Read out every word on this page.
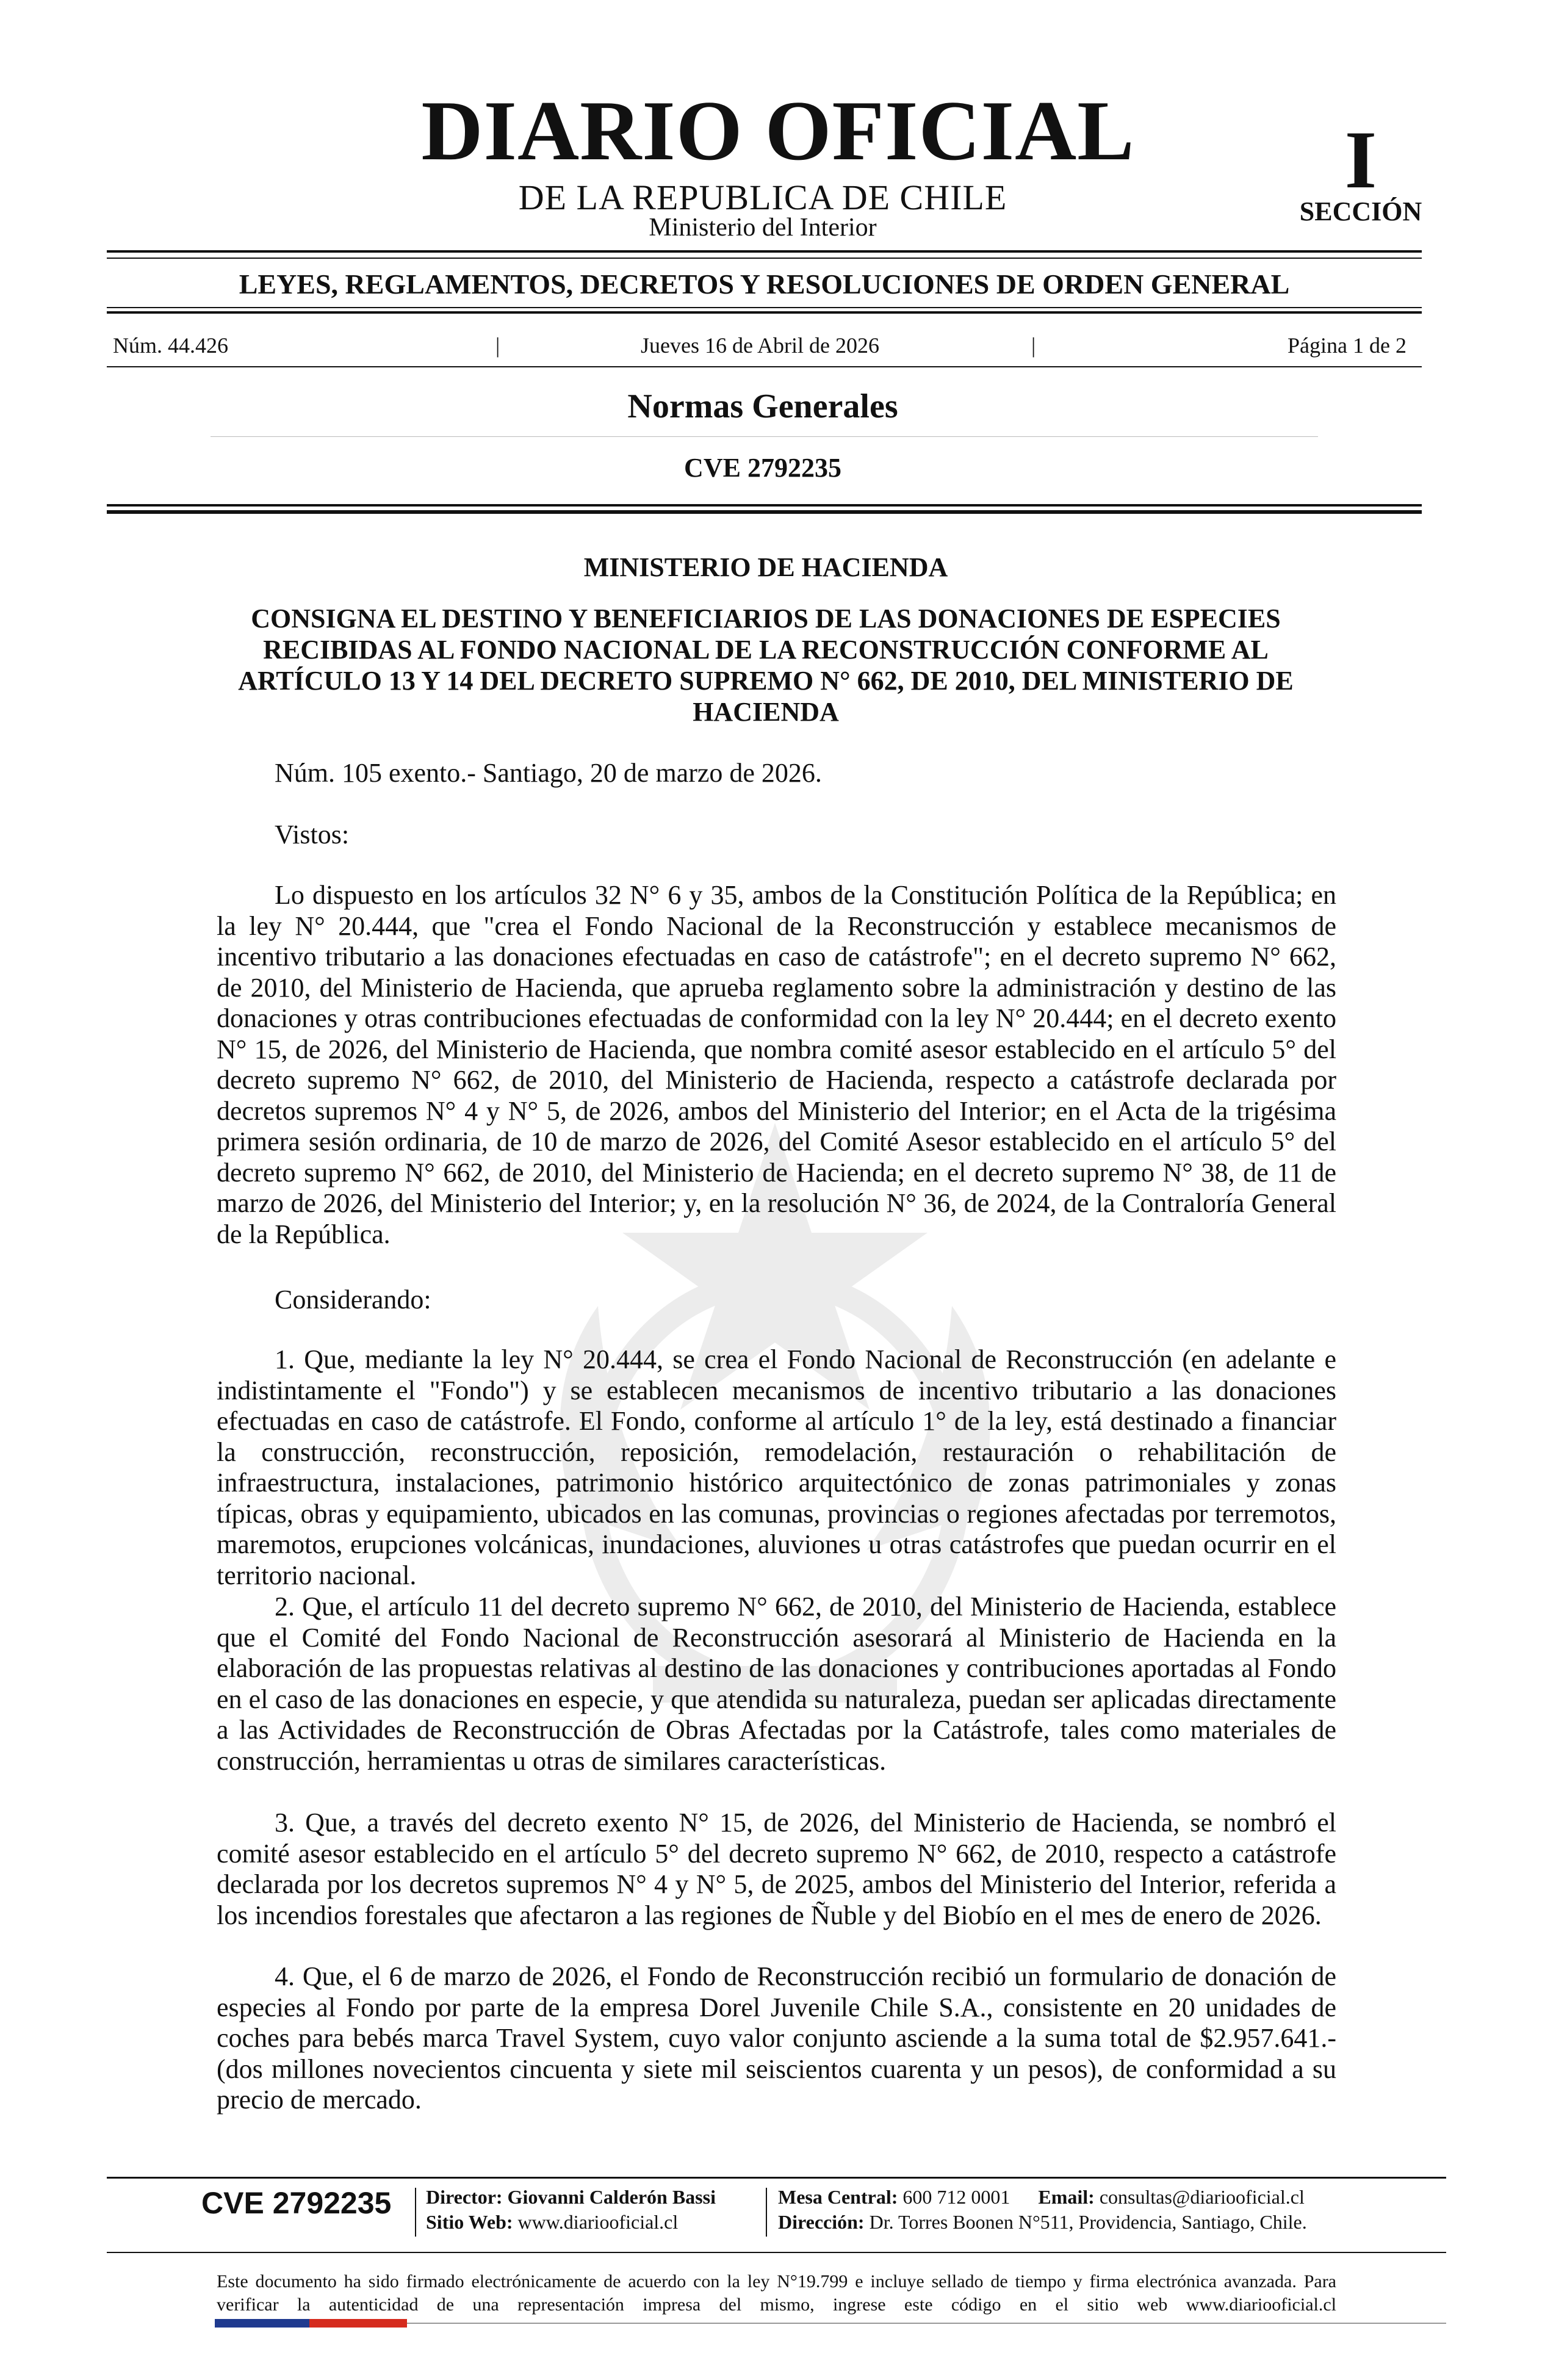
DIARIO OFICIAL
DE LA REPUBLICA DE CHILE
Ministerio del Interior
I
SECCIÓN
LEYES, REGLAMENTOS, DECRETOS Y RESOLUCIONES DE ORDEN GENERAL
Núm. 44.426	|	Jueves 16 de Abril de 2026	|	Página 1 de 2
Normas Generales
CVE 2792235
MINISTERIO DE HACIENDA
CONSIGNA EL DESTINO Y BENEFICIARIOS DE LAS DONACIONES DE ESPECIES RECIBIDAS AL FONDO NACIONAL DE LA RECONSTRUCCIÓN CONFORME AL ARTÍCULO 13 Y 14 DEL DECRETO SUPREMO N° 662, DE 2010, DEL MINISTERIO DE HACIENDA
Núm. 105 exento.- Santiago, 20 de marzo de 2026.
Vistos:
Lo dispuesto en los artículos 32 N° 6 y 35, ambos de la Constitución Política de la República; en la ley N° 20.444, que "crea el Fondo Nacional de la Reconstrucción y establece mecanismos de incentivo tributario a las donaciones efectuadas en caso de catástrofe"; en el decreto supremo N° 662, de 2010, del Ministerio de Hacienda, que aprueba reglamento sobre la administración y destino de las donaciones y otras contribuciones efectuadas de conformidad con la ley N° 20.444; en el decreto exento N° 15, de 2026, del Ministerio de Hacienda, que nombra comité asesor establecido en el artículo 5° del decreto supremo N° 662, de 2010, del Ministerio de Hacienda, respecto a catástrofe declarada por decretos supremos N° 4 y N° 5, de 2026, ambos del Ministerio del Interior; en el Acta de la trigésima primera sesión ordinaria, de 10 de marzo de 2026, del Comité Asesor establecido en el artículo 5° del decreto supremo N° 662, de 2010, del Ministerio de Hacienda; en el decreto supremo N° 38, de 11 de marzo de 2026, del Ministerio del Interior; y, en la resolución N° 36, de 2024, de la Contraloría General de la República.
Considerando:
1. Que, mediante la ley N° 20.444, se crea el Fondo Nacional de Reconstrucción (en adelante e indistintamente el "Fondo") y se establecen mecanismos de incentivo tributario a las donaciones efectuadas en caso de catástrofe. El Fondo, conforme al artículo 1° de la ley, está destinado a financiar la construcción, reconstrucción, reposición, remodelación, restauración o rehabilitación de infraestructura, instalaciones, patrimonio histórico arquitectónico de zonas patrimoniales y zonas típicas, obras y equipamiento, ubicados en las comunas, provincias o regiones afectadas por terremotos, maremotos, erupciones volcánicas, inundaciones, aluviones u otras catástrofes que puedan ocurrir en el territorio nacional.
2. Que, el artículo 11 del decreto supremo N° 662, de 2010, del Ministerio de Hacienda, establece que el Comité del Fondo Nacional de Reconstrucción asesorará al Ministerio de Hacienda en la elaboración de las propuestas relativas al destino de las donaciones y contribuciones aportadas al Fondo en el caso de las donaciones en especie, y que atendida su naturaleza, puedan ser aplicadas directamente a las Actividades de Reconstrucción de Obras Afectadas por la Catástrofe, tales como materiales de construcción, herramientas u otras de similares características.
3. Que, a través del decreto exento N° 15, de 2026, del Ministerio de Hacienda, se nombró el comité asesor establecido en el artículo 5° del decreto supremo N° 662, de 2010, respecto a catástrofe declarada por los decretos supremos N° 4 y N° 5, de 2025, ambos del Ministerio del Interior, referida a los incendios forestales que afectaron a las regiones de Ñuble y del Biobío en el mes de enero de 2026.
4. Que, el 6 de marzo de 2026, el Fondo de Reconstrucción recibió un formulario de donación de especies al Fondo por parte de la empresa Dorel Juvenile Chile S.A., consistente en 20 unidades de coches para bebés marca Travel System, cuyo valor conjunto asciende a la suma total de $2.957.641.- (dos millones novecientos cincuenta y siete mil seiscientos cuarenta y un pesos), de conformidad a su precio de mercado.
CVE 2792235 Director: Giovanni Calderón Bassi
Sitio Web: www.diariooficial.cl
Mesa Central: 600 712 0001 Email: consultas@diariooficial.cl
Dirección: Dr. Torres Boonen N°511, Providencia, Santiago, Chile.
Este documento ha sido firmado electrónicamente de acuerdo con la ley N°19.799 e incluye sellado de tiempo y firma electrónica avanzada. Para verificar la autenticidad de una representación impresa del mismo, ingrese este código en el sitio web www.diariooficial.cl
